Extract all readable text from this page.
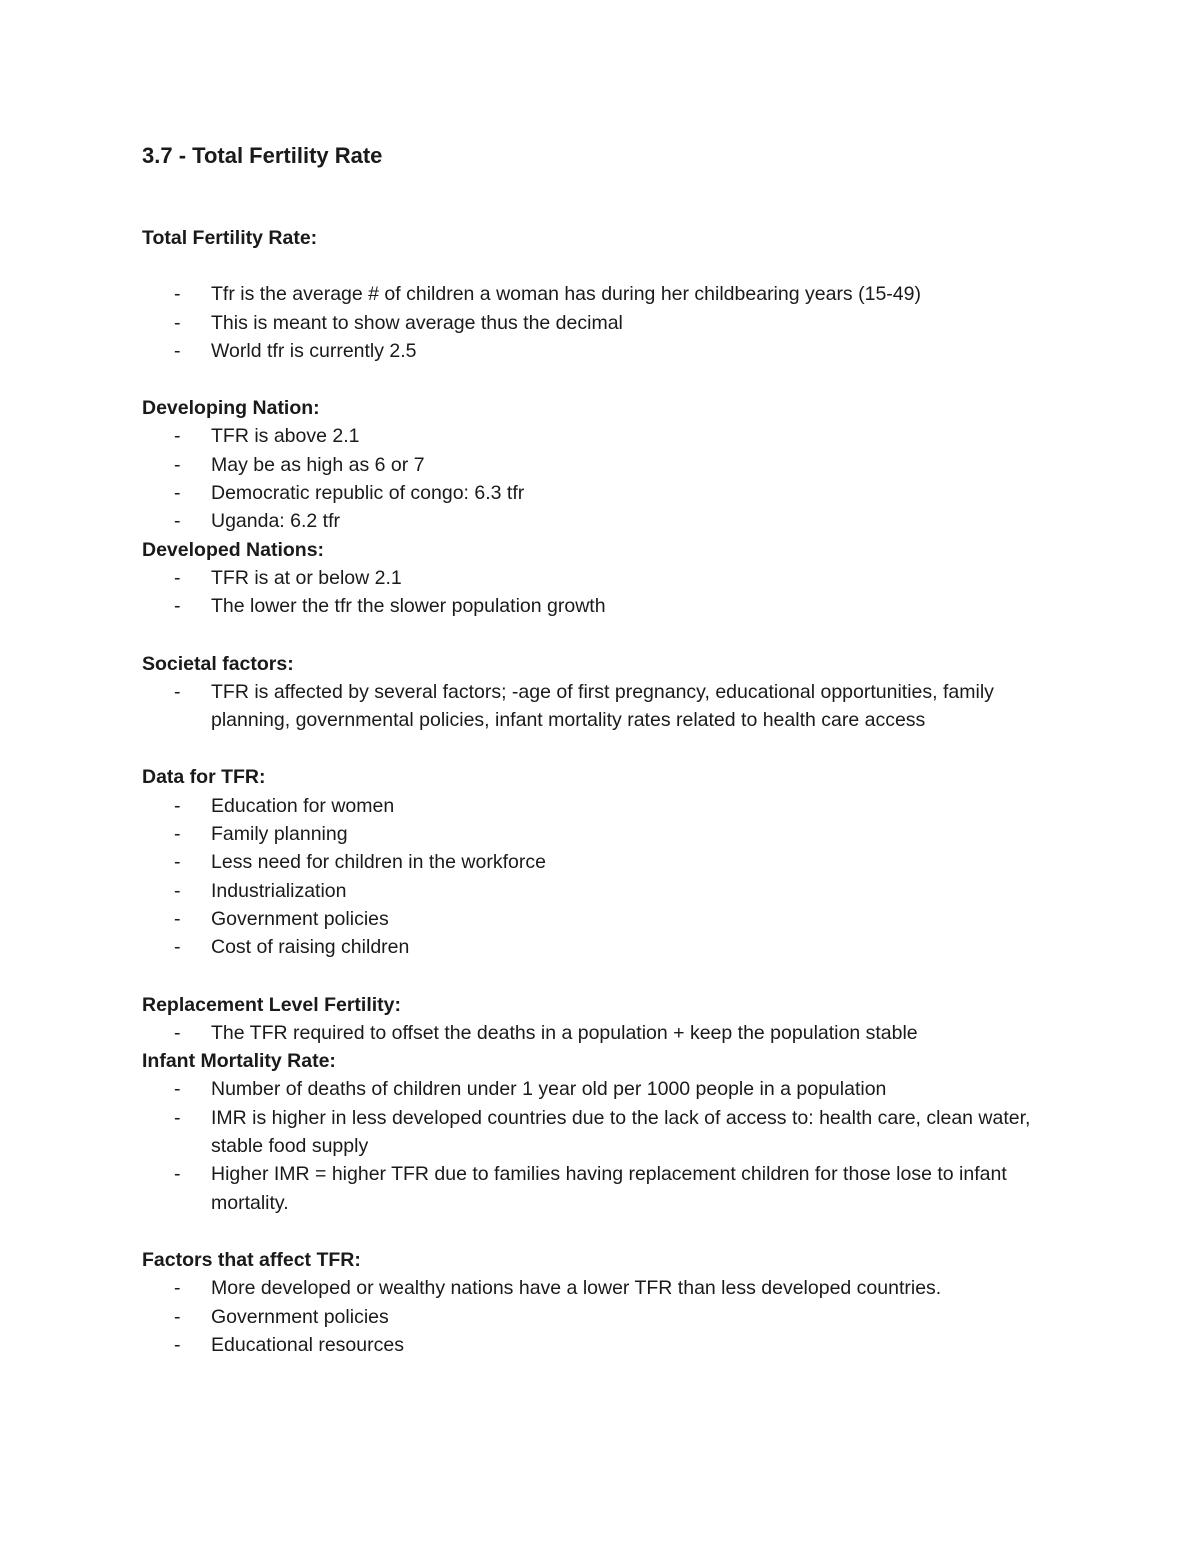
3.7 - Total Fertility Rate

Total Fertility Rate:

- Tfr is the average # of children a woman has during her childbearing years (15-49)
- This is meant to show average thus the decimal
- World tfr is currently 2.5

Developing Nation:

- TFR is above 2.1
- May be as high as 6 or 7
- Democratic republic of congo: 6.3 tfr
- Uganda: 6.2 tfr

Developed Nations:

- TFR is at or below 2.1
- The lower the tfr the slower population growth

Societal factors:

- TFR is affected by several factors; -age of first pregnancy, educational opportunities, family planning, governmental policies, infant mortality rates related to health care access

Data for TFR:

- Education for women
- Family planning
- Less need for children in the workforce
- Industrialization
- Government policies
- Cost of raising children

Replacement Level Fertility:

- The TFR required to offset the deaths in a population + keep the population stable

Infant Mortality Rate:

- Number of deaths of children under 1 year old per 1000 people in a population
- IMR is higher in less developed countries due to the lack of access to: health care, clean water, stable food supply
- Higher IMR = higher TFR due to families having replacement children for those lose to infant mortality.

Factors that affect TFR:

- More developed or wealthy nations have a lower TFR than less developed countries.
- Government policies
- Educational resources
